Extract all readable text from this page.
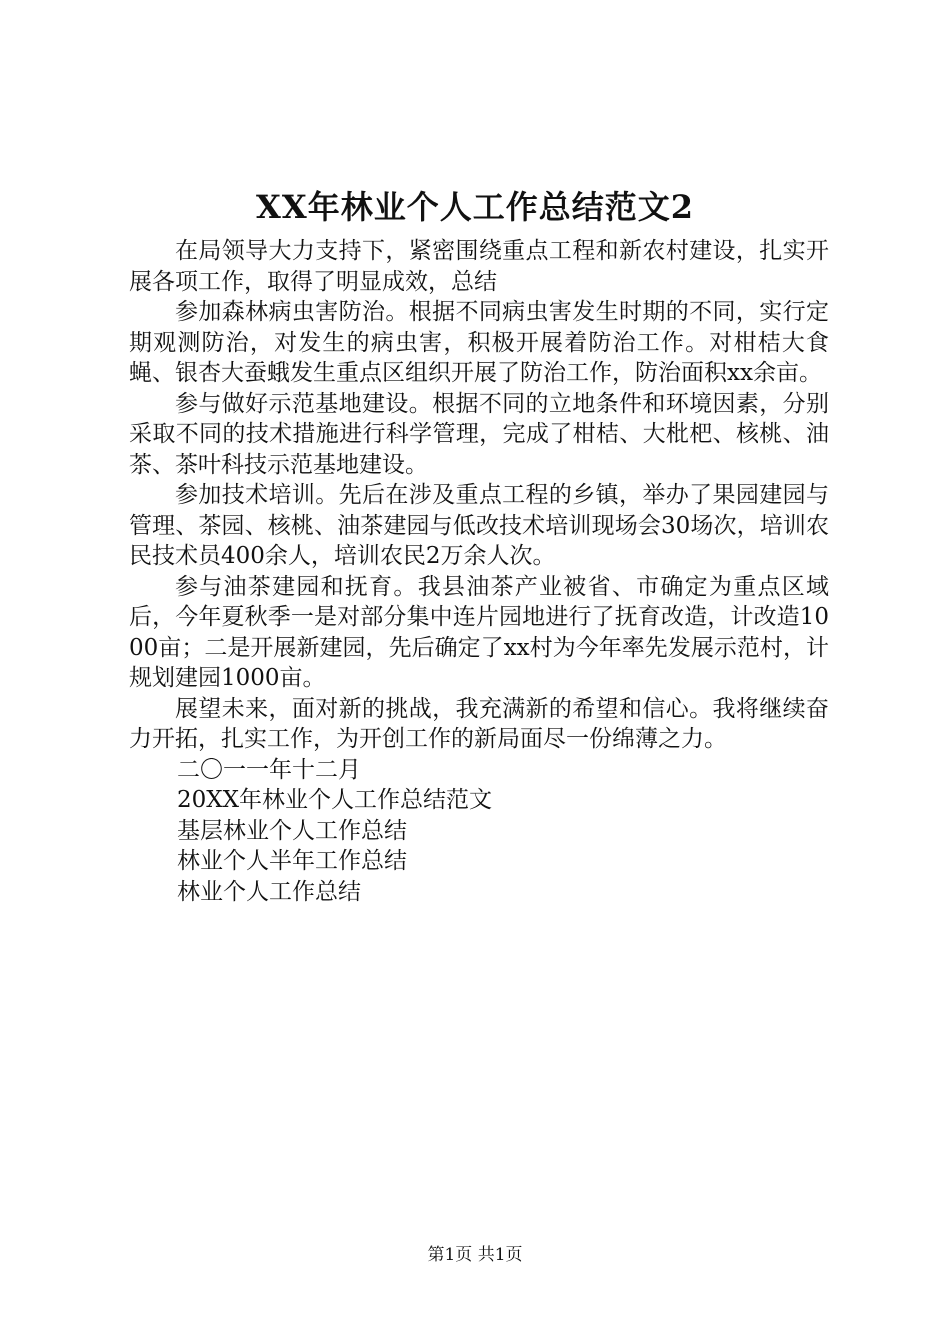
XX年林业个人工作总结范文2

在局领导大力支持下，紧密围绕重点工程和新农村建设，扎实开展各项工作，取得了明显成效，总结

参加森林病虫害防治。根据不同病虫害发生时期的不同，实行定期观测防治，对发生的病虫害，积极开展着防治工作。对柑桔大食蝇、银杏大蚕蛾发生重点区组织开展了防治工作，防治面积xx余亩。

参与做好示范基地建设。根据不同的立地条件和环境因素，分别采取不同的技术措施进行科学管理，完成了柑桔、大枇杷、核桃、油茶、茶叶科技示范基地建设。

参加技术培训。先后在涉及重点工程的乡镇，举办了果园建园与管理、茶园、核桃、油茶建园与低改技术培训现场会30场次，培训农民技术员400余人，培训农民2万余人次。

参与油茶建园和抚育。我县油茶产业被省、市确定为重点区域后，今年夏秋季一是对部分集中连片园地进行了抚育改造，计改造1000亩；二是开展新建园，先后确定了xx村为今年率先发展示范村，计规划建园1000亩。

展望未来，面对新的挑战，我充满新的希望和信心。我将继续奋力开拓，扎实工作，为开创工作的新局面尽一份绵薄之力。

二〇一一年十二月

20XX年林业个人工作总结范文

基层林业个人工作总结

林业个人半年工作总结

林业个人工作总结

第1页 共1页
